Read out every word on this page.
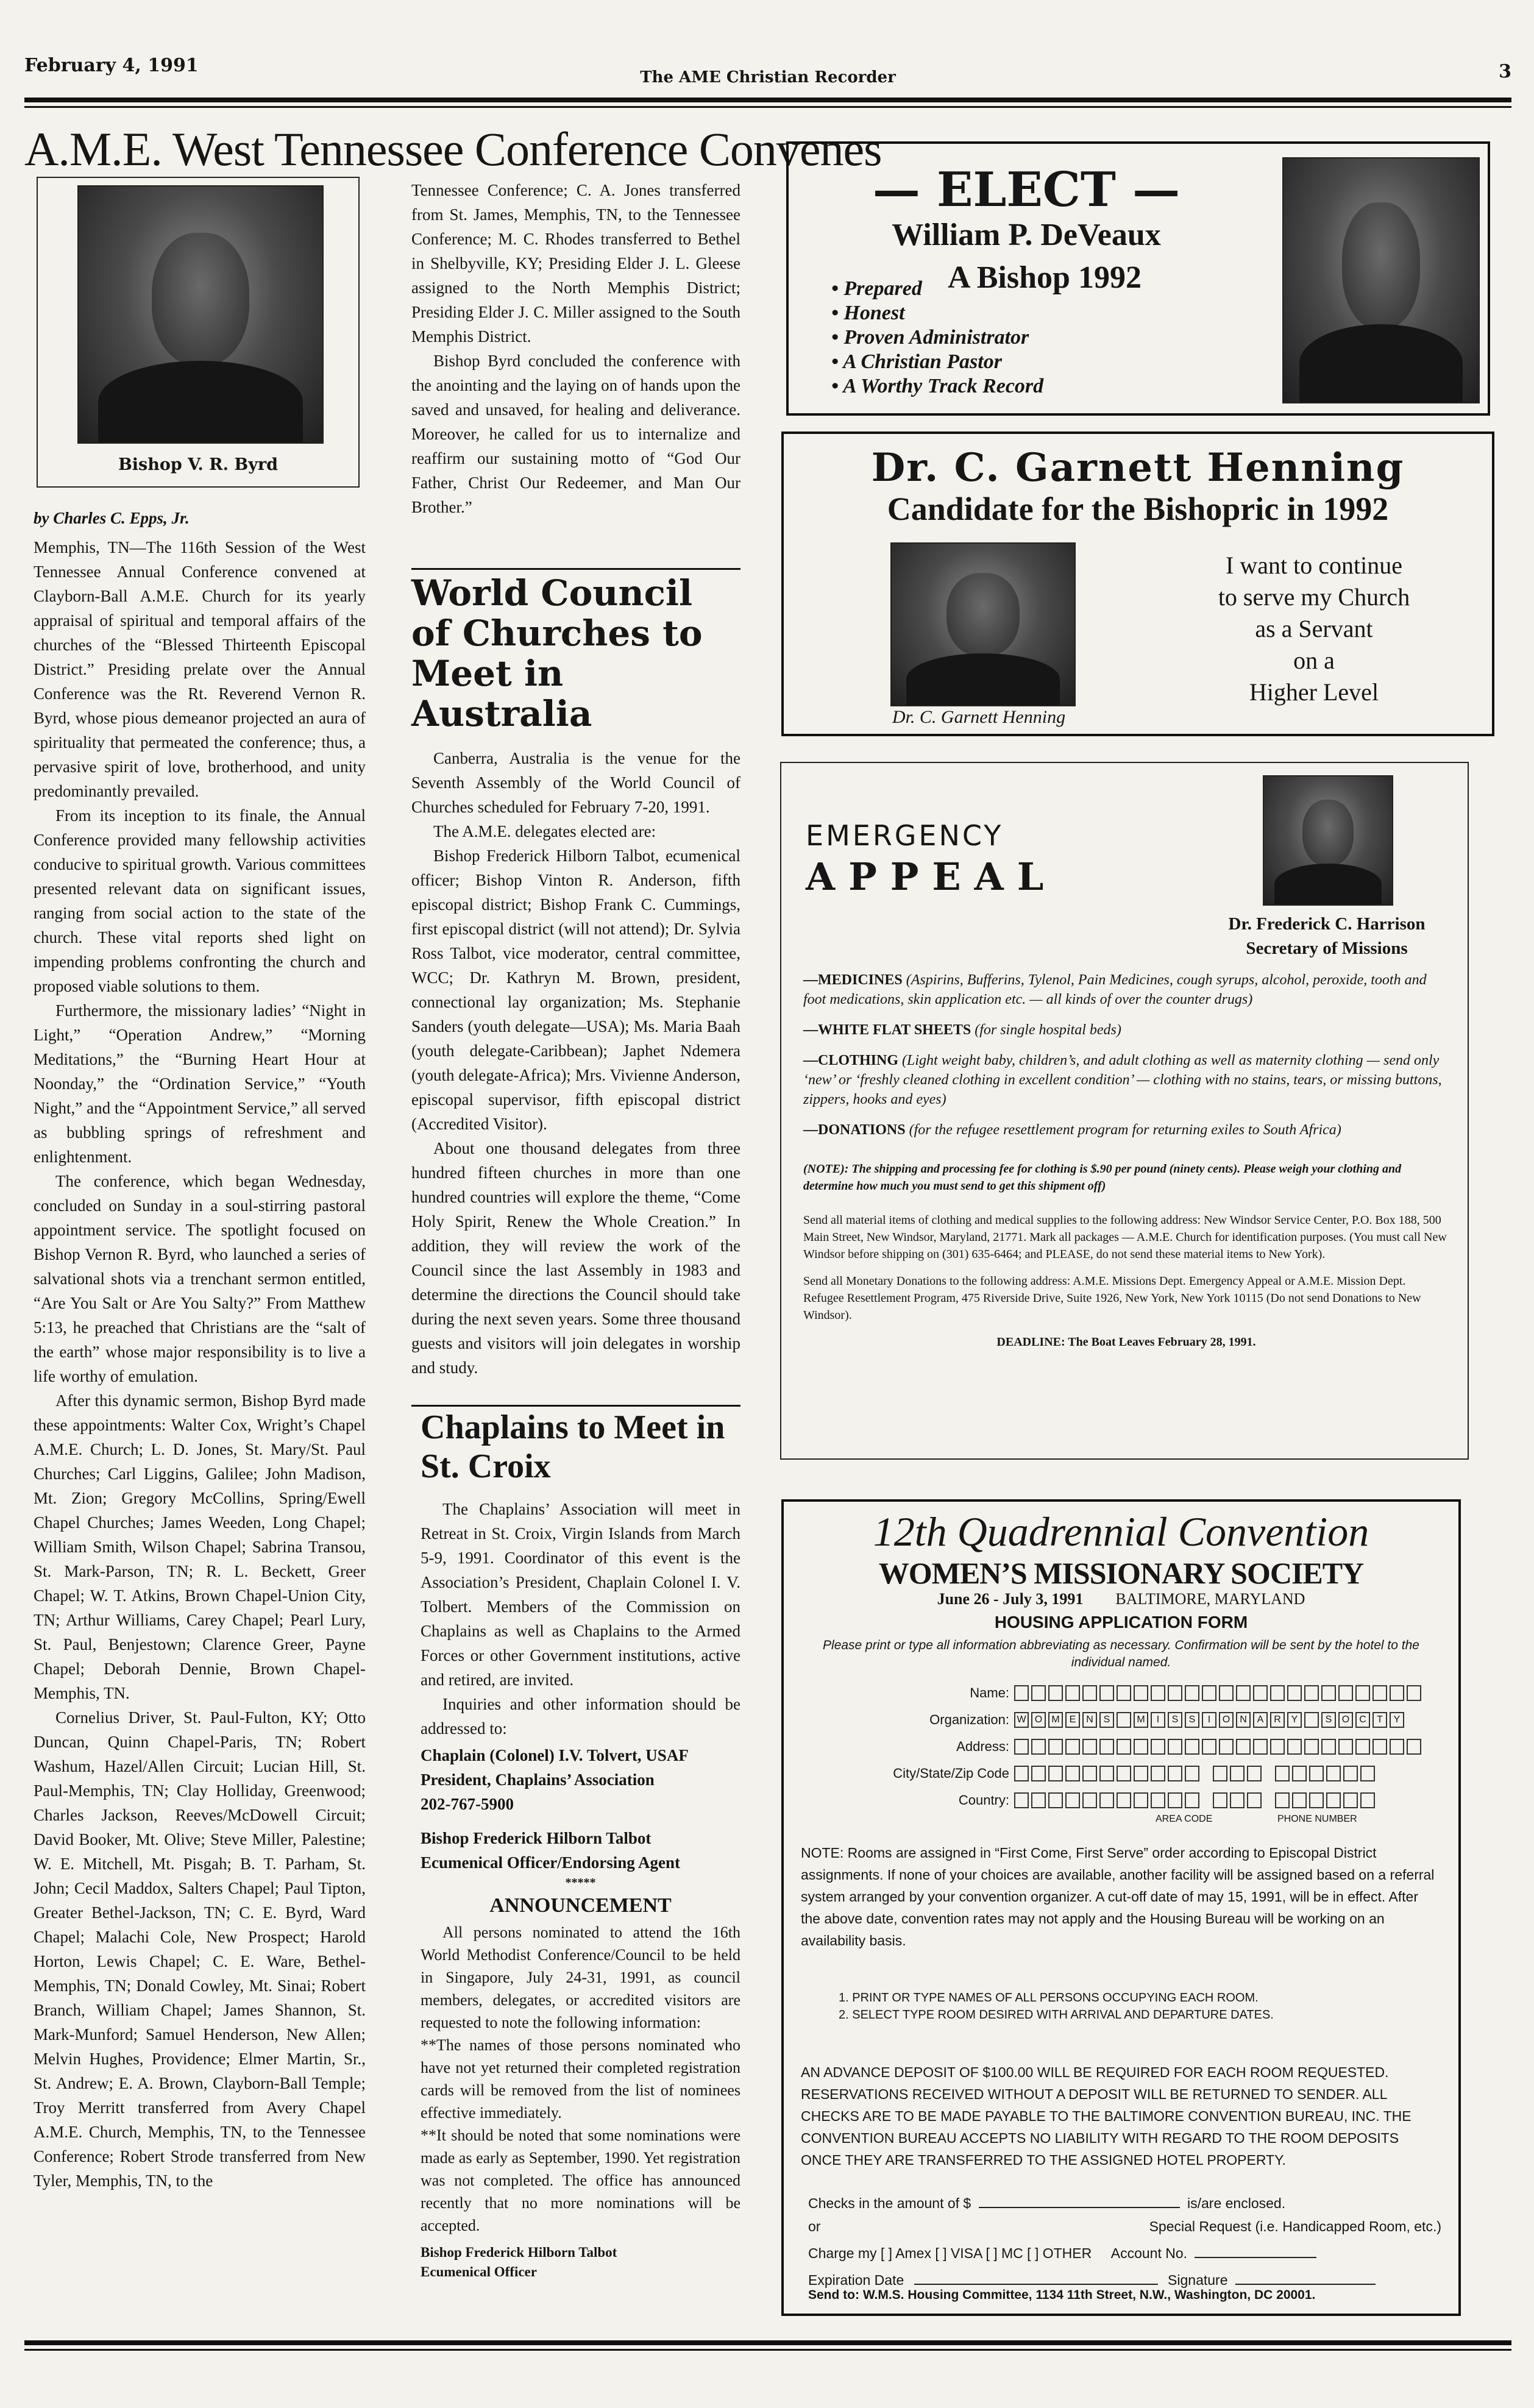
February 4, 1991
The AME Christian Recorder	3
A.M.E. West Tennessee Conference Convenes
Bishop V. R. Byrd

by Charles C. Epps, Jr.

Memphis, TN—The 116th Session of the West Tennessee Annual Conference convened at Clayborn-Ball A.M.E. Church for its yearly appraisal of spiritual and temporal affairs of the churches of the “Blessed Thirteenth Episcopal District.” Presiding prelate over the Annual Conference was the Rt. Reverend Vernon R. Byrd, whose pious demeanor projected an aura of spirituality that permeated the conference; thus, a pervasive spirit of love, brotherhood, and unity predominantly prevailed.

From its inception to its finale, the Annual Conference provided many fellowship activities conducive to spiritual growth. Various committees presented relevant data on significant issues, ranging from social action to the state of the church. These vital reports shed light on impending problems confronting the church and proposed viable solutions to them.

Furthermore, the missionary ladies’ “Night in Light,” “Operation Andrew,” “Morning Meditations,” the “Burning Heart Hour at Noonday,” the “Ordination Service,” “Youth Night,” and the “Appointment Service,” all served as bubbling springs of refreshment and enlightenment.

The conference, which began Wednesday, concluded on Sunday in a soul-stirring pastoral appointment service. The spotlight focused on Bishop Vernon R. Byrd, who launched a series of salvational shots via a trenchant sermon entitled, “Are You Salt or Are You Salty?” From Matthew 5:13, he preached that Christians are the “salt of the earth” whose major responsibility is to live a life worthy of emulation.

After this dynamic sermon, Bishop Byrd made these appointments: Walter Cox, Wright’s Chapel A.M.E. Church; L. D. Jones, St. Mary/St. Paul Churches; Carl Liggins, Galilee; John Madison, Mt. Zion; Gregory McCollins, Spring/Ewell Chapel Churches; James Weeden, Long Chapel; William Smith, Wilson Chapel; Sabrina Transou, St. Mark-Parson, TN; R. L. Beckett, Greer Chapel; W. T. Atkins, Brown Chapel-Union City, TN; Arthur Williams, Carey Chapel; Pearl Lury, St. Paul, Benjestown; Clarence Greer, Payne Chapel; Deborah Dennie, Brown Chapel-Memphis, TN.

Cornelius Driver, St. Paul-Fulton, KY; Otto Duncan, Quinn Chapel-Paris, TN; Robert Washum, Hazel/Allen Circuit; Lucian Hill, St. Paul-Memphis, TN; Clay Holliday, Greenwood; Charles Jackson, Reeves/McDowell Circuit; David Booker, Mt. Olive; Steve Miller, Palestine; W. E. Mitchell, Mt. Pisgah; B. T. Parham, St. John; Cecil Maddox, Salters Chapel; Paul Tipton, Greater Bethel-Jackson, TN; C. E. Byrd, Ward Chapel; Malachi Cole, New Prospect; Harold Horton, Lewis Chapel; C. E. Ware, Bethel-Memphis, TN; Donald Cowley, Mt. Sinai; Robert Branch, William Chapel; James Shannon, St. Mark-Munford; Samuel Henderson, New Allen; Melvin Hughes, Providence; Elmer Martin, Sr., St. Andrew; E. A. Brown, Clayborn-Ball Temple; Troy Merritt transferred from Avery Chapel A.M.E. Church, Memphis, TN, to the Tennessee Conference; Robert Strode transferred from New Tyler, Memphis, TN, to the

Tennessee Conference; C. A. Jones transferred from St. James, Memphis, TN, to the Tennessee Conference; M. C. Rhodes transferred to Bethel in Shelbyville, KY; Presiding Elder J. L. Gleese assigned to the North Memphis District; Presiding Elder J. C. Miller assigned to the South Memphis District.

Bishop Byrd concluded the conference with the anointing and the laying on of hands upon the saved and unsaved, for healing and deliverance. Moreover, he called for us to internalize and reaffirm our sustaining motto of “God Our Father, Christ Our Redeemer, and Man Our Brother.”

World Council of Churches to Meet in Australia

Canberra, Australia is the venue for the Seventh Assembly of the World Council of Churches scheduled for February 7-20, 1991.

The A.M.E. delegates elected are:

Bishop Frederick Hilborn Talbot, ecumenical officer; Bishop Vinton R. Anderson, fifth episcopal district; Bishop Frank C. Cummings, first episcopal district (will not attend); Dr. Sylvia Ross Talbot, vice moderator, central committee, WCC; Dr. Kathryn M. Brown, president, connectional lay organization; Ms. Stephanie Sanders (youth delegate—USA); Ms. Maria Baah (youth delegate-Caribbean); Japhet Ndemera (youth delegate-Africa); Mrs. Vivienne Anderson, episcopal supervisor, fifth episcopal district (Accredited Visitor).

About one thousand delegates from three hundred fifteen churches in more than one hundred countries will explore the theme, “Come Holy Spirit, Renew the Whole Creation.” In addition, they will review the work of the Council since the last Assembly in 1983 and determine the directions the Council should take during the next seven years. Some three thousand guests and visitors will join delegates in worship and study.

Chaplains to Meet in St. Croix

The Chaplains’ Association will meet in Retreat in St. Croix, Virgin Islands from March 5-9, 1991. Coordinator of this event is the Association’s President, Chaplain Colonel I. V. Tolbert. Members of the Commission on Chaplains as well as Chaplains to the Armed Forces or other Government institutions, active and retired, are invited.

Inquiries and other information should be addressed to:

Chaplain (Colonel) I.V. Tolvert, USAF
President, Chaplains’ Association
202-767-5900
Bishop Frederick Hilborn Talbot
Ecumenical Officer/Endorsing Agent
*****
ANNOUNCEMENT

All persons nominated to attend the 16th World Methodist Conference/Council to be held in Singapore, July 24-31, 1991, as council members, delegates, or accredited visitors are requested to note the following information:

**The names of those persons nominated who have not yet returned their completed registration cards will be removed from the list of nominees effective immediately.

**It should be noted that some nominations were made as early as September, 1990. Yet registration was not completed. The office has announced recently that no more nominations will be accepted.

Bishop Frederick Hilborn Talbot
Ecumenical Officer
— ELECT —
William P. DeVeaux
A Bishop 1992
• Prepared
• Honest
• Proven Administrator
• A Christian Pastor
• A Worthy Track Record
Dr. C. Garnett Henning
Candidate for the Bishopric in 1992
Dr. C. Garnett Henning
I want to continue
to serve my Church
as a Servant
on a
Higher Level
EMERGENCY
APPEAL
Dr. Frederick C. Harrison
Secretary of Missions

—MEDICINES (Aspirins, Bufferins, Tylenol, Pain Medicines, cough syrups, alcohol, peroxide, tooth and foot medications, skin application etc. — all kinds of over the counter drugs)

—WHITE FLAT SHEETS (for single hospital beds)

—CLOTHING (Light weight baby, children’s, and adult clothing as well as maternity clothing — send only ‘new’ or ‘freshly cleaned clothing in excellent condition’ — clothing with no stains, tears, or missing buttons, zippers, hooks and eyes)

—DONATIONS (for the refugee resettlement program for returning exiles to South Africa)

(NOTE): The shipping and processing fee for clothing is $.90 per pound (ninety cents). Please weigh your clothing and determine how much you must send to get this shipment off)

Send all material items of clothing and medical supplies to the following address: New Windsor Service Center, P.O. Box 188, 500 Main Street, New Windsor, Maryland, 21771. Mark all packages — A.M.E. Church for identification purposes. (You must call New Windsor before shipping on (301) 635-6464; and PLEASE, do not send these material items to New York).

Send all Monetary Donations to the following address: A.M.E. Missions Dept. Emergency Appeal or A.M.E. Mission Dept. Refugee Resettlement Program, 475 Riverside Drive, Suite 1926, New York, New York 10115 (Do not send Donations to New Windsor).

DEADLINE: The Boat Leaves February 28, 1991.

12th Quadrennial Convention
WOMEN’S MISSIONARY SOCIETY
June 26 - July 3, 1991 BALTIMORE, MARYLAND
HOUSING APPLICATION FORM
Please print or type all information abbreviating as necessary. Confirmation will be sent by the hotel to the individual named.
Name:
Organization: W O M	E	N	S	M	I	S	S	I	O	N	A	R	Y	S	O	C	T	Y
Address:
City/State/Zip Code
Country:
AREA CODE	PHONE NUMBER
NOTE: Rooms are assigned in “First Come, First Serve” order according to Episcopal District assignments. If none of your choices are available, another facility will be assigned based on a referral system arranged by your convention organizer. A cut-off date of may 15, 1991, will be in effect. After the above date, convention rates may not apply and the Housing Bureau will be working on an availability basis.
1. PRINT OR TYPE NAMES OF ALL PERSONS OCCUPYING EACH ROOM.
2. SELECT TYPE ROOM DESIRED WITH ARRIVAL AND DEPARTURE DATES.
AN ADVANCE DEPOSIT OF $100.00 WILL BE REQUIRED FOR EACH ROOM REQUESTED. RESERVATIONS RECEIVED WITHOUT A DEPOSIT WILL BE RETURNED TO SENDER. ALL CHECKS ARE TO BE MADE PAYABLE TO THE BALTIMORE CONVENTION BUREAU, INC. THE CONVENTION BUREAU ACCEPTS NO LIABILITY WITH REGARD TO THE ROOM DEPOSITS ONCE THEY ARE TRANSFERRED TO THE ASSIGNED HOTEL PROPERTY.
Checks in the amount of $	is/are enclosed.
or	Special Request (i.e. Handicapped Room, etc.)
Charge my [ ] Amex [ ] VISA [ ] MC [ ] OTHER Account No.
Expiration Date	Signature
Send to: W.M.S. Housing Committee, 1134 11th Street, N.W., Washington, DC 20001.
